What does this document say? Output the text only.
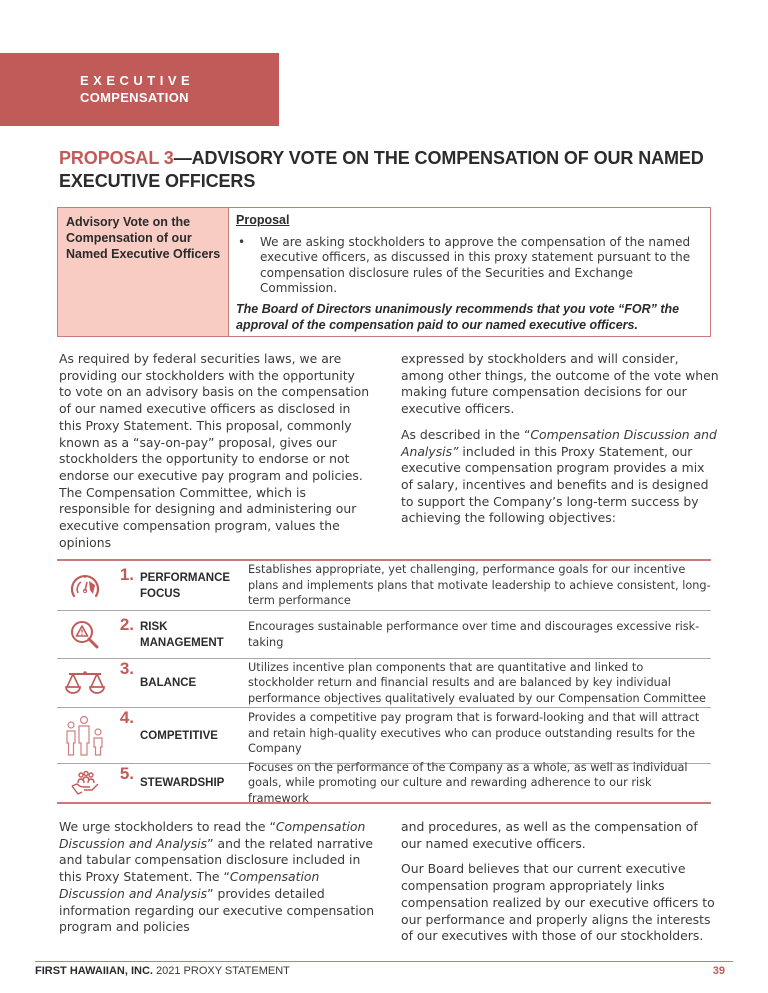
EXECUTIVE
COMPENSATION
PROPOSAL 3—ADVISORY VOTE ON THE COMPENSATION OF OUR NAMED EXECUTIVE OFFICERS
Advisory Vote on the Compensation of our Named Executive Officers
Proposal
•	We are asking stockholders to approve the compensation of the named executive officers, as discussed in this proxy statement pursuant to the compensation disclosure rules of the Securities and Exchange Commission.
The Board of Directors unanimously recommends that you vote “FOR” the approval of the compensation paid to our named executive officers.

As required by federal securities laws, we are providing our stockholders with the opportunity to vote on an advisory basis on the compensation of our named executive officers as disclosed in this Proxy Statement. This proposal, commonly known as a “say-on-pay” proposal, gives our stockholders the opportunity to endorse or not endorse our executive pay program and policies. The Compensation Committee, which is responsible for designing and administering our executive compensation program, values the opinions

expressed by stockholders and will consider, among other things, the outcome of the vote when making future compensation decisions for our executive officers.

As described in the “Compensation Discussion and Analysis” included in this Proxy Statement, our executive compensation program provides a mix of salary, incentives and benefits and is designed to support the Company’s long-term success by achieving the following objectives:

1. PERFORMANCE FOCUS
Establishes appropriate, yet challenging, performance goals for our incentive plans and implements plans that motivate leadership to achieve consistent, long-term performance
2. RISK MANAGEMENT
Encourages sustainable performance over time and discourages excessive risk-taking
3.
BALANCE
Utilizes incentive plan components that are quantitative and linked to stockholder return and financial results and are balanced by key individual performance objectives qualitatively evaluated by our Compensation Committee
4.
COMPETITIVE
Provides a competitive pay program that is forward-looking and that will attract and retain high-quality executives who can produce outstanding results for the Company
5. STEWARDSHIP
Focuses on the performance of the Company as a whole, as well as individual goals, while promoting our culture and rewarding adherence to our risk framework

We urge stockholders to read the “Compensation Discussion and Analysis” and the related narrative and tabular compensation disclosure included in this Proxy Statement. The “Compensation Discussion and Analysis” provides detailed information regarding our executive compensation program and policies

and procedures, as well as the compensation of our named executive officers.

Our Board believes that our current executive compensation program appropriately links compensation realized by our executive officers to our performance and properly aligns the interests of our executives with those of our stockholders.

FIRST HAWAIIAN, INC. 2021 PROXY STATEMENT	39
